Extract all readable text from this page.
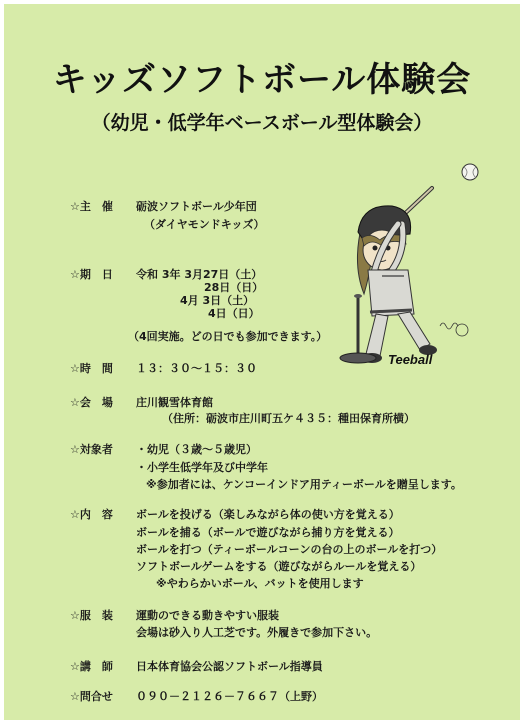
キッズソフトボール体験会
（幼児・低学年ベースボール型体験会）
Teeball
☆主　催 砺波ソフトボール少年団
（ダイヤモンドキッズ）
☆期　日 令和 3年 3月27日（土）
28日（日）
4月 3日（土）
4日（日）
（4回実施。どの日でも参加できます。）
☆時　間 １３：３０～１５：３０
☆会　場 庄川観雪体育館
（住所：砺波市庄川町五ケ４３５：種田保育所横）
☆対象者 ・幼児（３歳～５歳児）
・小学生低学年及び中学年
※参加者には、ケンコーインドア用ティーボールを贈呈します。
☆内　容 ボールを投げる（楽しみながら体の使い方を覚える）
ボールを捕る（ボールで遊びながら捕り方を覚える）
ボールを打つ（ティーボールコーンの台の上のボールを打つ）
ソフトボールゲームをする（遊びながらルールを覚える）
※やわらかいボール、バットを使用します
☆服　装 運動のできる動きやすい服装
会場は砂入り人工芝です。外履きで参加下さい。
☆講　師 日本体育協会公認ソフトボール指導員
☆問合せ ０９０－２１２６－７６６７（上野）
